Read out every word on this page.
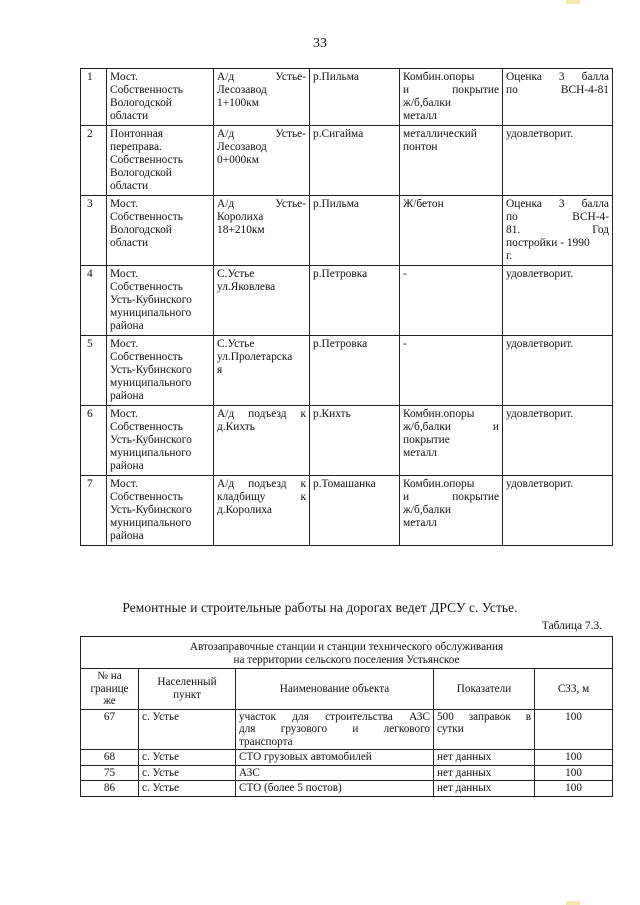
33
1	Мост.
Собственность
Вологодской
области	А/д Устье-
Лесозавод
1+100км	р.Пильма	Комбин.опоры
и покрытие
ж/б,балки
металл	Оценка 3 балла
по ВСН-4-81

2	Понтонная
переправа.
Собственность
Вологодской
области	А/д Устье-
Лесозавод
0+000км	р.Сигайма	металлический
понтон	удовлетворит.

3	Мост.
Собственность
Вологодской
области	А/д Устье-
Королиха
18+210км	р.Пильма	Ж/бетон	Оценка 3 балла
по ВСН-4-
81. Год
постройки - 1990
г.

4	Мост.
Собственность
Усть-Кубинского
муниципального
района	С.Устье
ул.Яковлева	р.Петровка	-	удовлетворит.

5	Мост.
Собственность
Усть-Кубинского
муниципального
района	С.Устье
ул.Пролетарска
я	р.Петровка	-	удовлетворит.

6	Мост.
Собственность
Усть-Кубинского
муниципального
района	А/д подъезд к
д.Кихть	р.Кихть	Комбин.опоры
ж/б,балки и
покрытие
металл	удовлетворит.

7	Мост.
Собственность
Усть-Кубинского
муниципального
района	А/д подъезд к
кладбищу к
д.Королиха	р.Томашанка	Комбин.опоры
и покрытие
ж/б,балки
металл	удовлетворит.
Ремонтные и строительные работы на дорогах ведет ДРСУ с. Устье.
Таблица 7.3.
Автозаправочные станции и станции технического обслуживания
на территории сельского поселения Устьянское				

№ на
границе
же	Населенный
пункт	Наименование объекта	Показатели	СЗЗ, м
67	с. Устье	участок для строительства АЗС
для грузового и легкового
транспорта	500 заправок в
сутки	100
68	с. Устье	СТО грузовых автомобилей	нет данных	100
75	с. Устье	АЗС	нет данных	100
86	с. Устье	СТО (более 5 постов)	нет данных	100
